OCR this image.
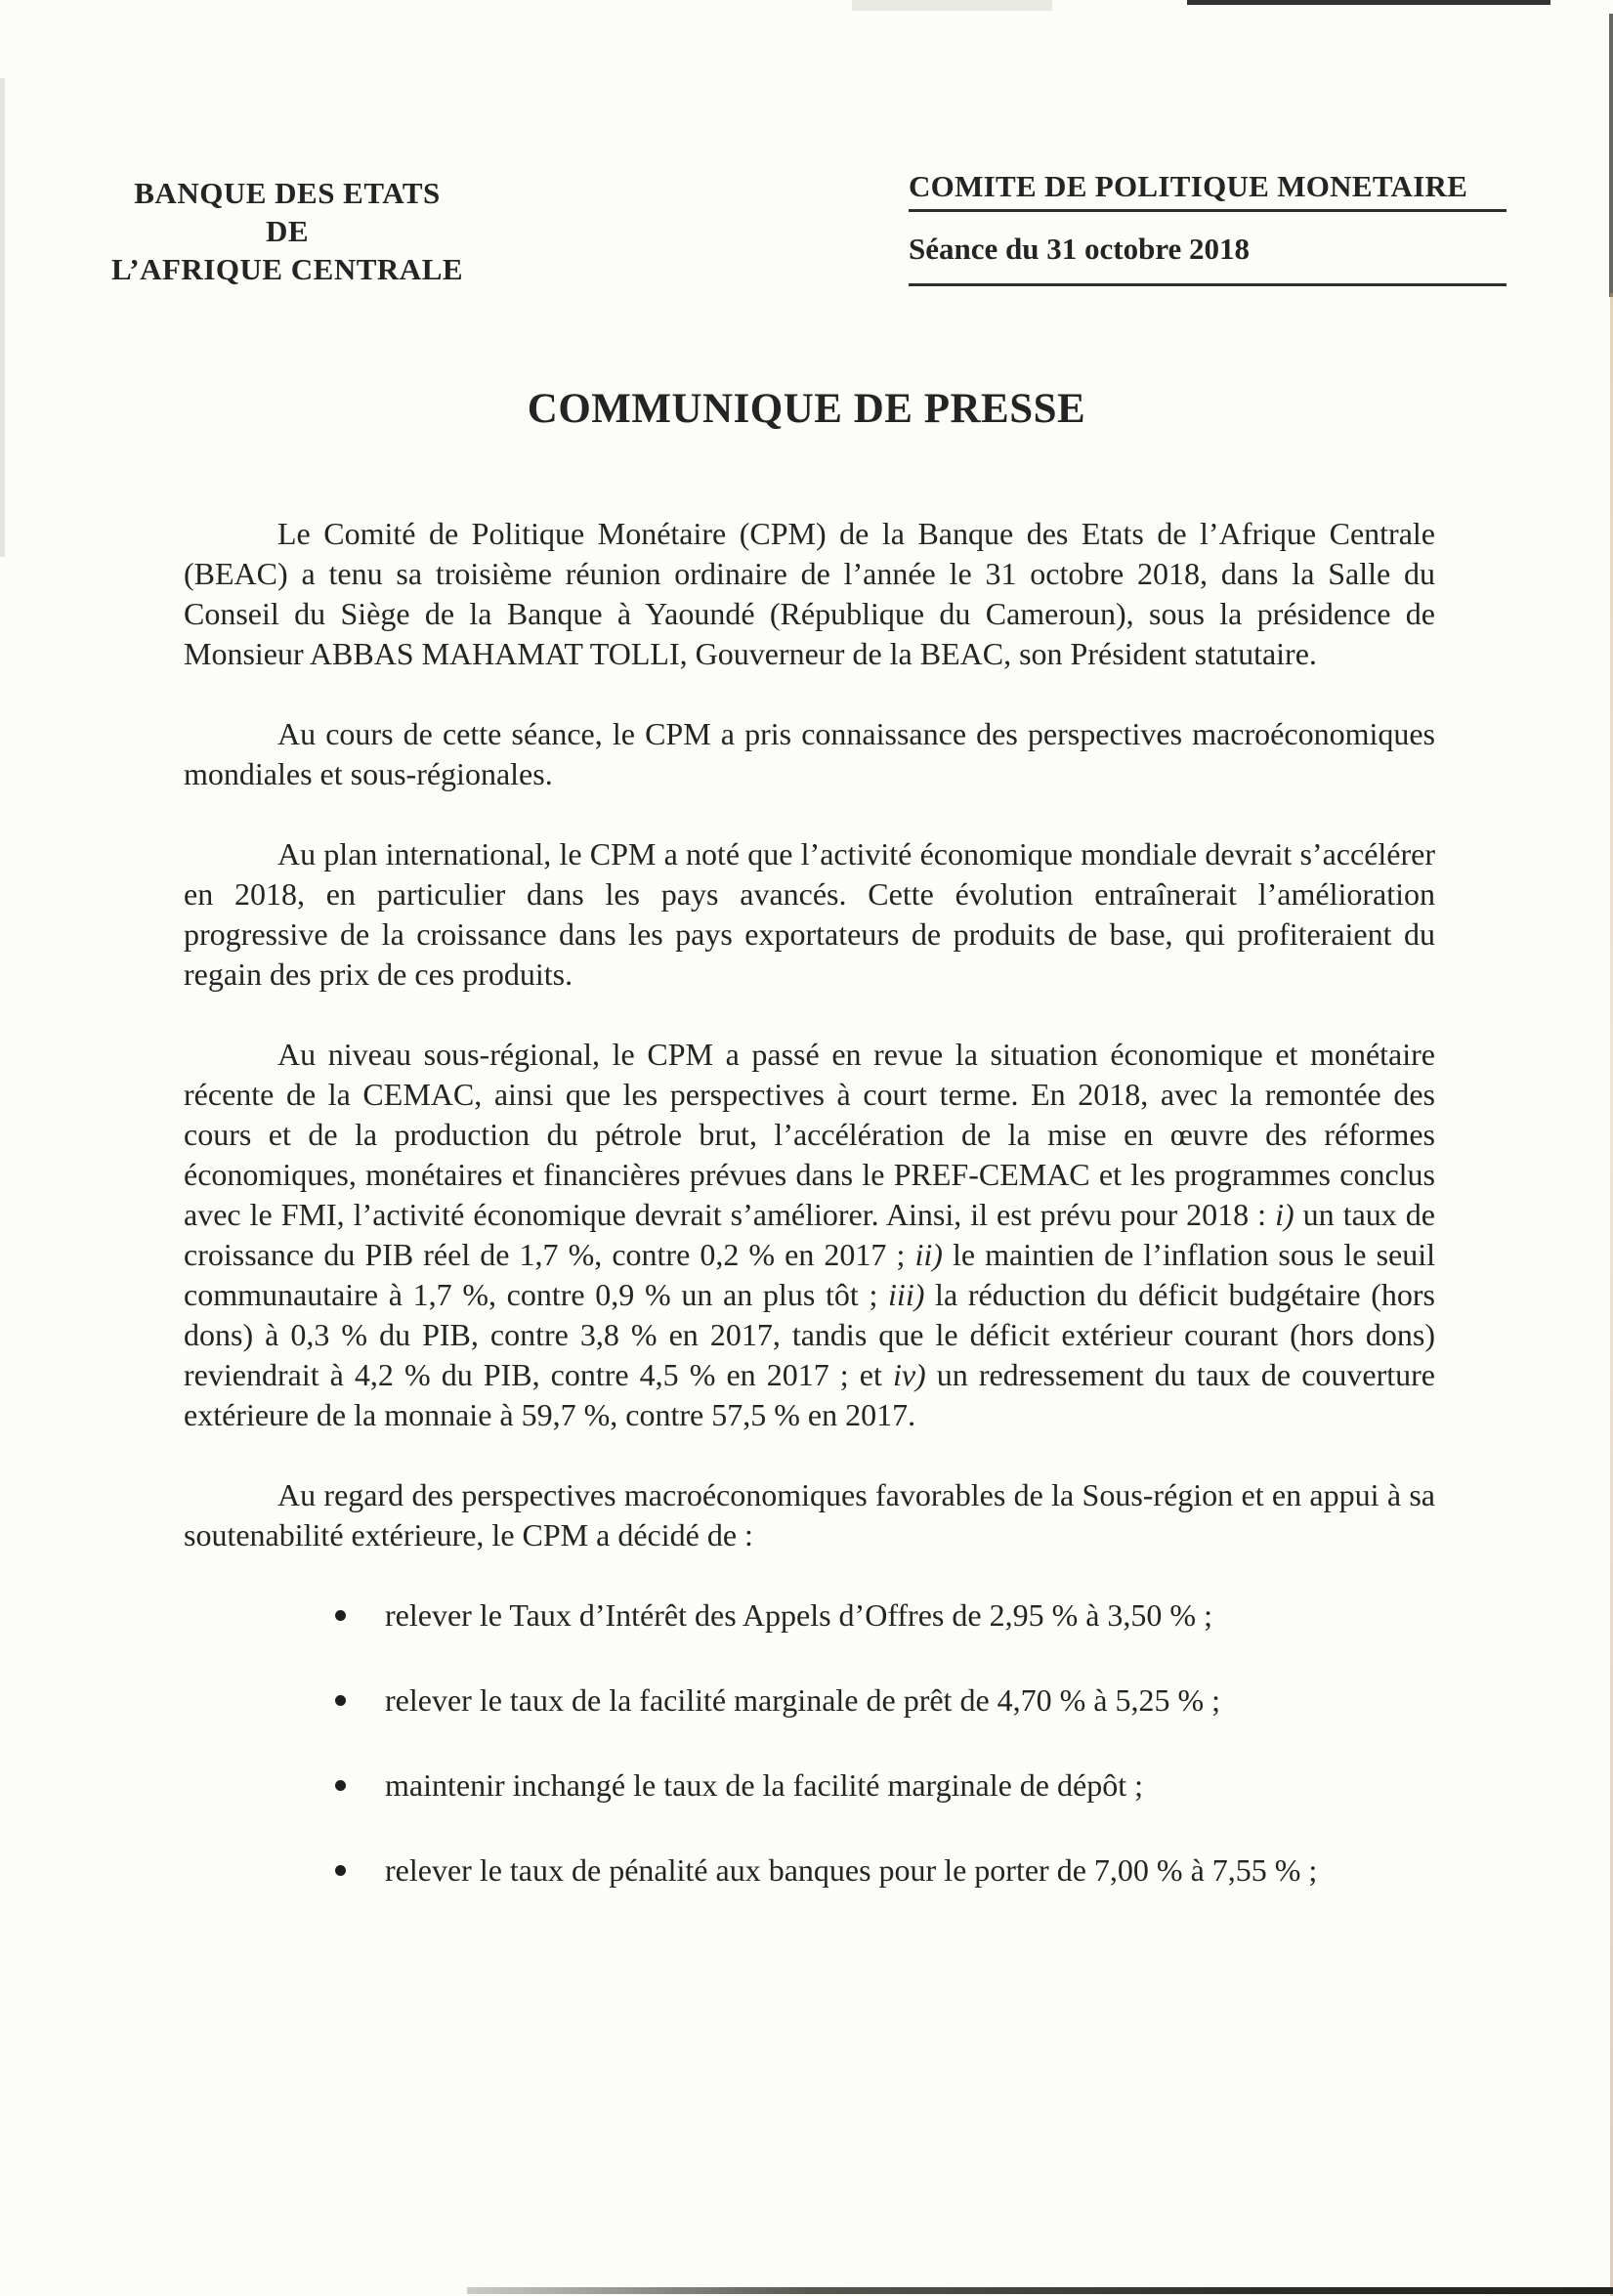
BANQUE DES ETATS
DE
L’AFRIQUE CENTRALE
COMITE DE POLITIQUE MONETAIRE
Séance du 31 octobre 2018
COMMUNIQUE DE PRESSE

Le Comité de Politique Monétaire (CPM) de la Banque des Etats de l’Afrique Centrale (BEAC) a tenu sa troisième réunion ordinaire de l’année le 31 octobre 2018, dans la Salle du Conseil du Siège de la Banque à Yaoundé (République du Cameroun), sous la présidence de Monsieur ABBAS MAHAMAT TOLLI, Gouverneur de la BEAC, son Président statutaire.

Au cours de cette séance, le CPM a pris connaissance des perspectives macroéconomiques mondiales et sous-régionales.

Au plan international, le CPM a noté que l’activité économique mondiale devrait s’accélérer en 2018, en particulier dans les pays avancés. Cette évolution entraînerait l’amélioration progressive de la croissance dans les pays exportateurs de produits de base, qui profiteraient du regain des prix de ces produits.

Au niveau sous-régional, le CPM a passé en revue la situation économique et monétaire récente de la CEMAC, ainsi que les perspectives à court terme. En 2018, avec la remontée des cours et de la production du pétrole brut, l’accélération de la mise en œuvre des réformes économiques, monétaires et financières prévues dans le PREF-CEMAC et les programmes conclus avec le FMI, l’activité économique devrait s’améliorer. Ainsi, il est prévu pour 2018 : i) un taux de croissance du PIB réel de 1,7 %, contre 0,2 % en 2017 ; ii) le maintien de l’inflation sous le seuil communautaire à 1,7 %, contre 0,9 % un an plus tôt ; iii) la réduction du déficit budgétaire (hors dons) à 0,3 % du PIB, contre 3,8 % en 2017, tandis que le déficit extérieur courant (hors dons) reviendrait à 4,2 % du PIB, contre 4,5 % en 2017 ; et iv) un redressement du taux de couverture extérieure de la monnaie à 59,7 %, contre 57,5 % en 2017.

Au regard des perspectives macroéconomiques favorables de la Sous-région et en appui à sa soutenabilité extérieure, le CPM a décidé de :

relever le Taux d’Intérêt des Appels d’Offres de 2,95 % à 3,50 % ;
relever le taux de la facilité marginale de prêt de 4,70 % à 5,25 % ;
maintenir inchangé le taux de la facilité marginale de dépôt ;
relever le taux de pénalité aux banques pour le porter de 7,00 % à 7,55 % ;
